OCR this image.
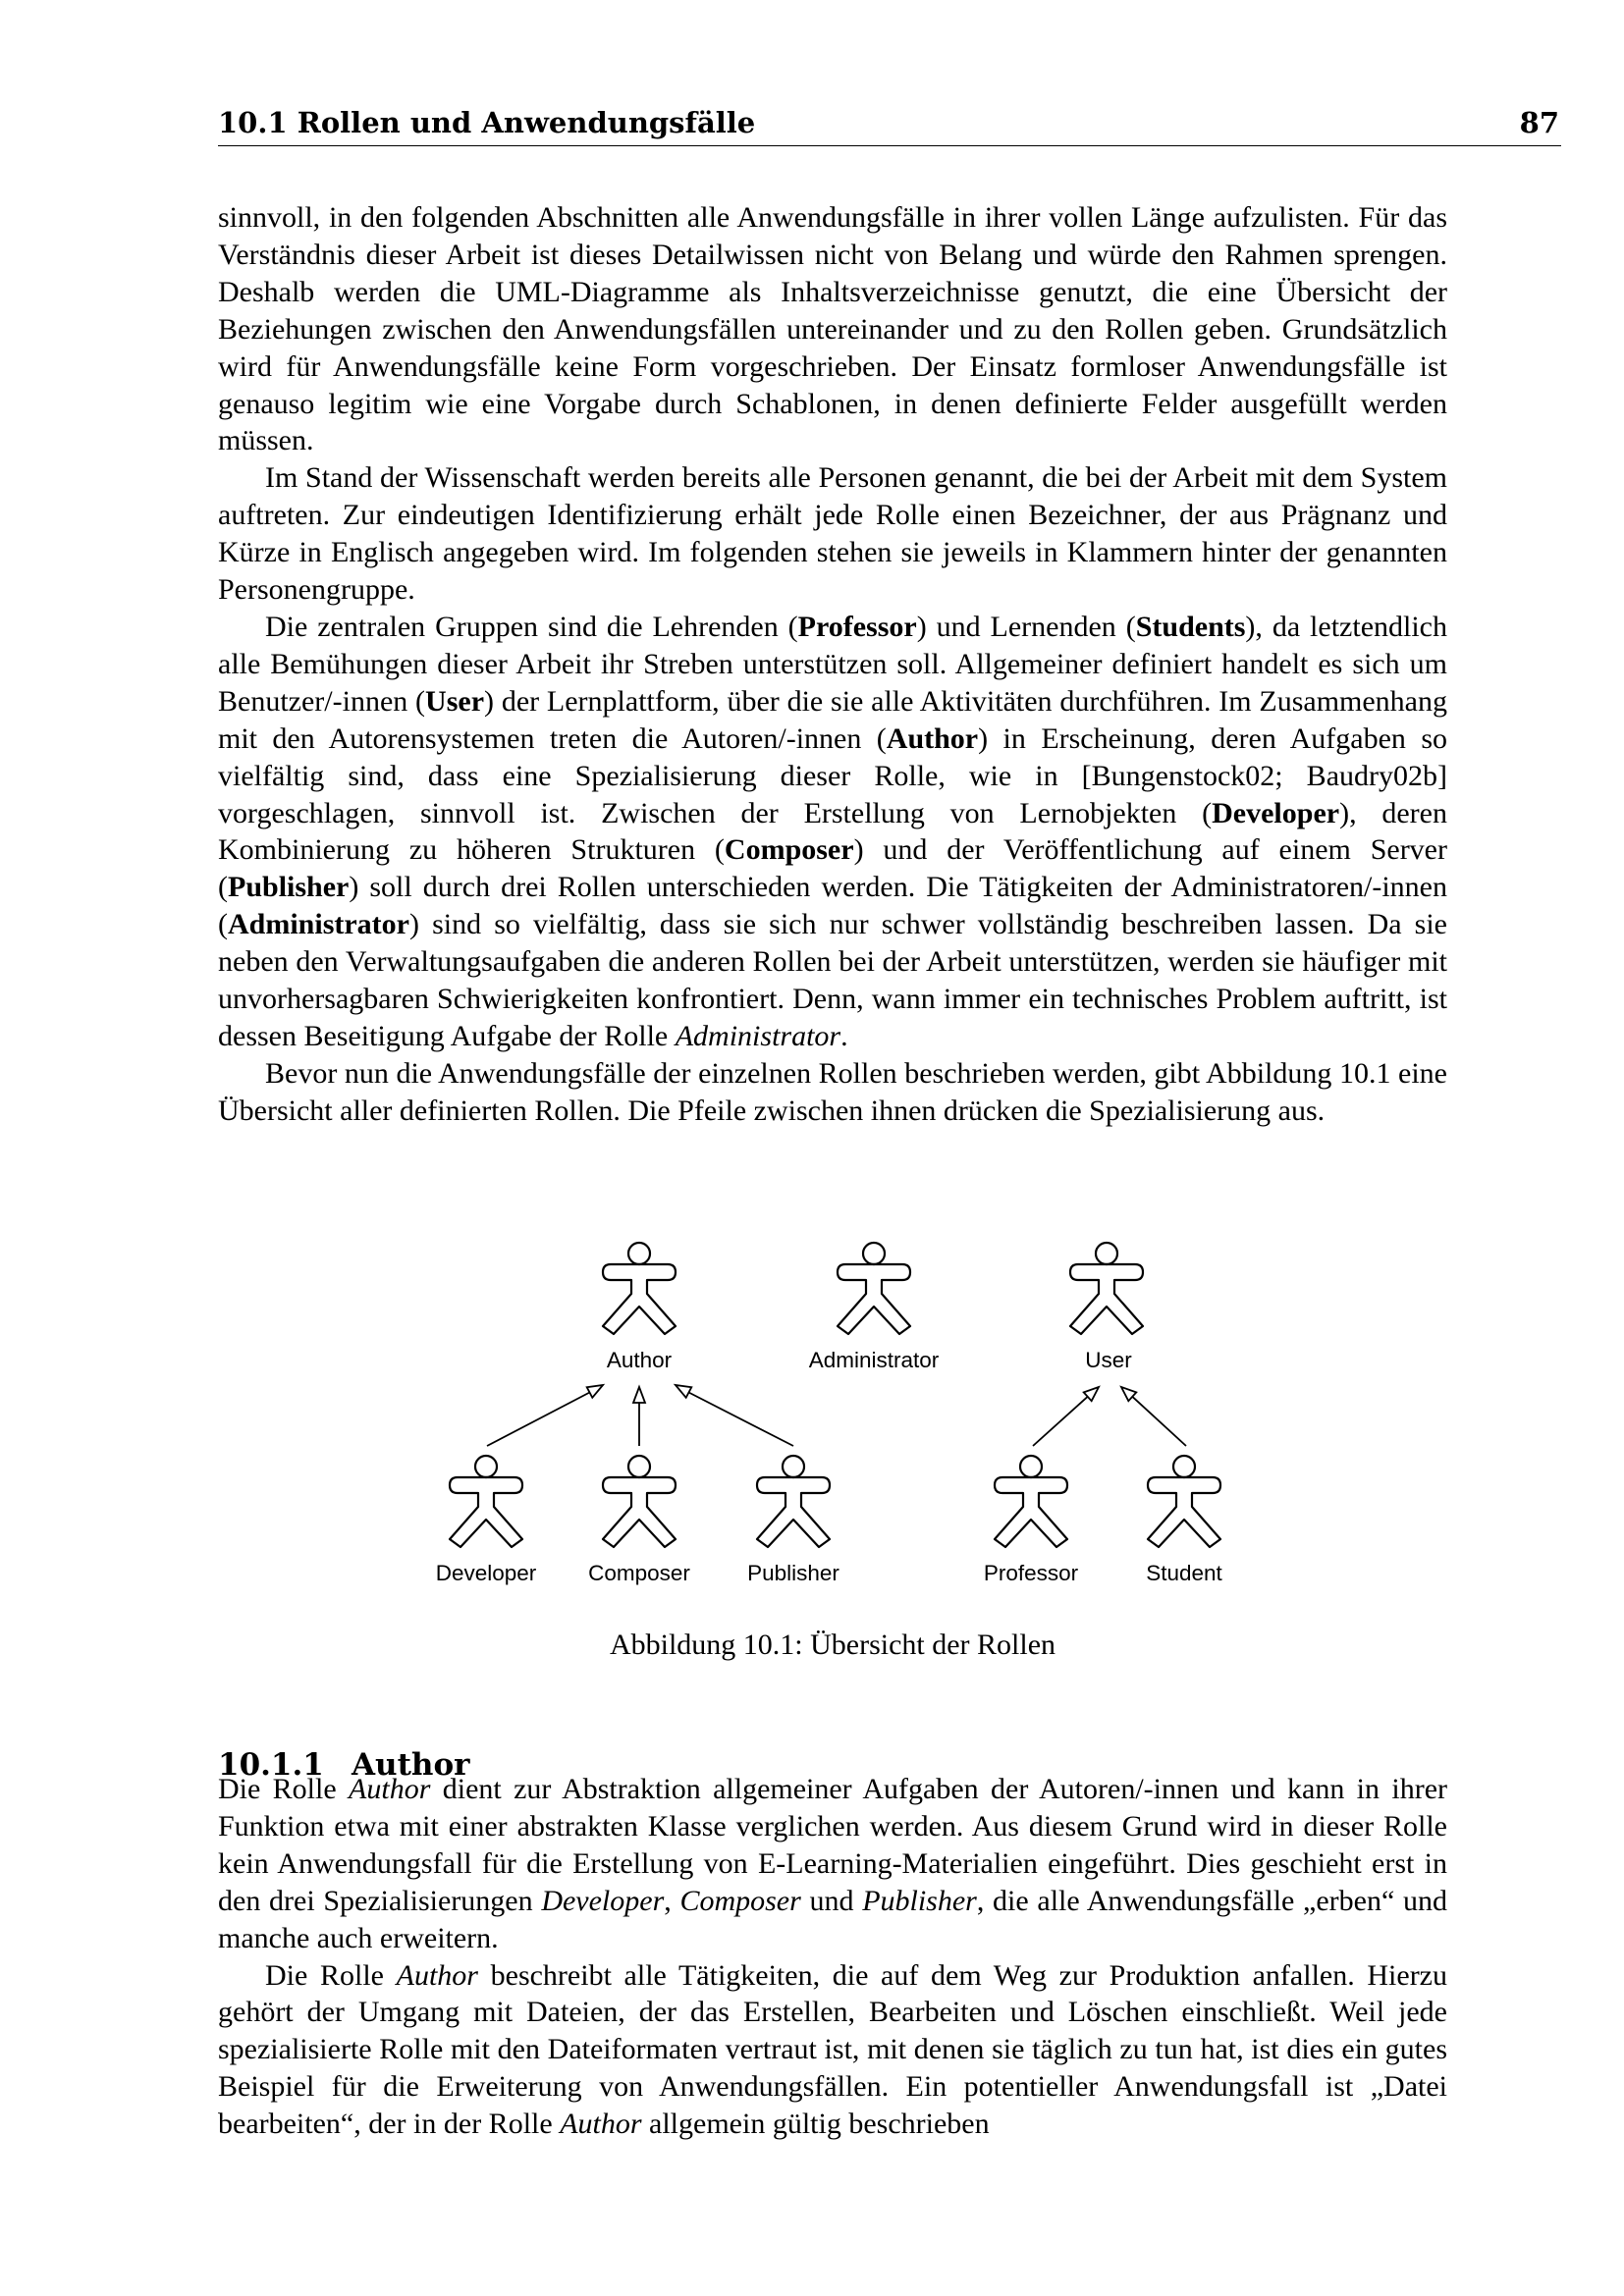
10.1 Rollen und Anwendungsfälle	87

sinnvoll, in den folgenden Abschnitten alle Anwendungsfälle in ihrer vollen Länge aufzulisten. Für das Verständnis dieser Arbeit ist dieses Detailwissen nicht von Belang und würde den Rahmen sprengen. Deshalb werden die UML-Diagramme als Inhaltsverzeichnisse genutzt, die eine Übersicht der Beziehungen zwischen den Anwendungsfällen untereinander und zu den Rollen geben. Grundsätzlich wird für Anwendungsfälle keine Form vorgeschrieben. Der Einsatz formloser Anwendungsfälle ist genauso legitim wie eine Vorgabe durch Schablonen, in denen definierte Felder ausgefüllt werden müssen.

Im Stand der Wissenschaft werden bereits alle Personen genannt, die bei der Arbeit mit dem System auftreten. Zur eindeutigen Identifizierung erhält jede Rolle einen Bezeichner, der aus Prägnanz und Kürze in Englisch angegeben wird. Im folgenden stehen sie jeweils in Klammern hinter der genannten Personengruppe.

Die zentralen Gruppen sind die Lehrenden (Professor) und Lernenden (Students), da letztendlich alle Bemühungen dieser Arbeit ihr Streben unterstützen soll. Allgemeiner definiert handelt es sich um Benutzer/-innen (User) der Lernplattform, über die sie alle Aktivitäten durchführen. Im Zusammenhang mit den Autorensystemen treten die Autoren/-innen (Author) in Erscheinung, deren Aufgaben so vielfältig sind, dass eine Spezialisierung dieser Rolle, wie in [Bungenstock02; Baudry02b] vorgeschlagen, sinnvoll ist. Zwischen der Erstellung von Lernobjekten (Developer), deren Kombinierung zu höheren Strukturen (Composer) und der Veröffentlichung auf einem Server (Publisher) soll durch drei Rollen unterschieden werden. Die Tätigkeiten der Administratoren/-innen (Administrator) sind so vielfältig, dass sie sich nur schwer vollständig beschreiben lassen. Da sie neben den Verwaltungsaufgaben die anderen Rollen bei der Arbeit unterstützen, werden sie häufiger mit unvorhersagbaren Schwierigkeiten konfrontiert. Denn, wann immer ein technisches Problem auftritt, ist dessen Beseitigung Aufgabe der Rolle Administrator.

Bevor nun die Anwendungsfälle der einzelnen Rollen beschrieben werden, gibt Abbildung 10.1 eine Übersicht aller definierten Rollen. Die Pfeile zwischen ihnen drücken die Spezialisierung aus.

Author	Administrator	User
Developer Composer	Publisher	Professor	Student
Abbildung 10.1: Übersicht der Rollen
10.1.1 Author

Die Rolle Author dient zur Abstraktion allgemeiner Aufgaben der Autoren/-innen und kann in ihrer Funktion etwa mit einer abstrakten Klasse verglichen werden. Aus diesem Grund wird in dieser Rolle kein Anwendungsfall für die Erstellung von E-Learning-Materialien eingeführt. Dies geschieht erst in den drei Spezialisierungen Developer, Composer und Publisher, die alle Anwendungsfälle „erben“ und manche auch erweitern.

Die Rolle Author beschreibt alle Tätigkeiten, die auf dem Weg zur Produktion anfallen. Hierzu gehört der Umgang mit Dateien, der das Erstellen, Bearbeiten und Löschen einschließt. Weil jede spezialisierte Rolle mit den Dateiformaten vertraut ist, mit denen sie täglich zu tun hat, ist dies ein gutes Beispiel für die Erweiterung von Anwendungsfällen. Ein potentieller Anwendungsfall ist „Datei bearbeiten“, der in der Rolle Author allgemein gültig beschrieben
